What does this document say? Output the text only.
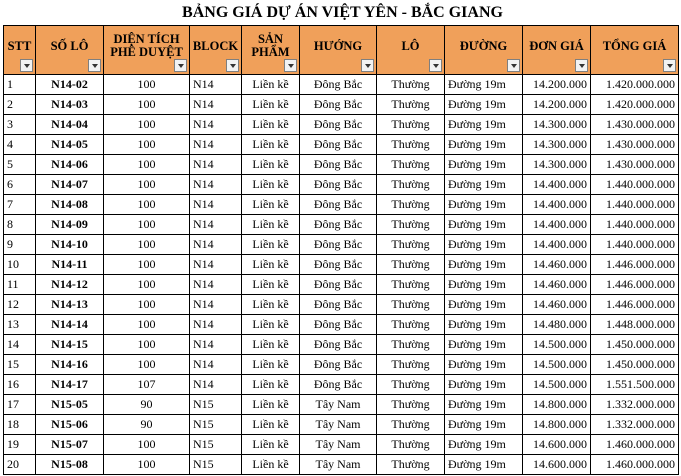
BẢNG GIÁ DỰ ÁN VIỆT YÊN - BẮC GIANG
STT	SỐ LÔ	DIỆN TÍCH PHÊ DUYỆT	BLOCK	SẢN PHẨM	HƯỚNG	LÔ	ĐƯỜNG	ĐƠN GIÁ	TỔNG GIÁ

1	N14-02	100	N14	Liền kề	Đông Bắc	Thường	Đường 19m	14.200.000	1.420.000.000
2	N14-03	100	N14	Liền kề	Đông Bắc	Thường	Đường 19m	14.200.000	1.420.000.000
3	N14-04	100	N14	Liền kề	Đông Bắc	Thường	Đường 19m	14.300.000	1.430.000.000
4	N14-05	100	N14	Liền kề	Đông Bắc	Thường	Đường 19m	14.300.000	1.430.000.000
5	N14-06	100	N14	Liền kề	Đông Bắc	Thường	Đường 19m	14.300.000	1.430.000.000
6	N14-07	100	N14	Liền kề	Đông Bắc	Thường	Đường 19m	14.400.000	1.440.000.000
7	N14-08	100	N14	Liền kề	Đông Bắc	Thường	Đường 19m	14.400.000	1.440.000.000
8	N14-09	100	N14	Liền kề	Đông Bắc	Thường	Đường 19m	14.400.000	1.440.000.000
9	N14-10	100	N14	Liền kề	Đông Bắc	Thường	Đường 19m	14.400.000	1.440.000.000
10	N14-11	100	N14	Liền kề	Đông Bắc	Thường	Đường 19m	14.460.000	1.446.000.000
11	N14-12	100	N14	Liền kề	Đông Bắc	Thường	Đường 19m	14.460.000	1.446.000.000
12	N14-13	100	N14	Liền kề	Đông Bắc	Thường	Đường 19m	14.460.000	1.446.000.000
13	N14-14	100	N14	Liền kề	Đông Bắc	Thường	Đường 19m	14.480.000	1.448.000.000
14	N14-15	100	N14	Liền kề	Đông Bắc	Thường	Đường 19m	14.500.000	1.450.000.000
15	N14-16	100	N14	Liền kề	Đông Bắc	Thường	Đường 19m	14.500.000	1.450.000.000
16	N14-17	107	N14	Liền kề	Đông Bắc	Thường	Đường 19m	14.500.000	1.551.500.000
17	N15-05	90	N15	Liền kề	Tây Nam	Thường	Đường 19m	14.800.000	1.332.000.000
18	N15-06	90	N15	Liền kề	Tây Nam	Thường	Đường 19m	14.800.000	1.332.000.000
19	N15-07	100	N15	Liền kề	Tây Nam	Thường	Đường 19m	14.600.000	1.460.000.000
20	N15-08	100	N15	Liền kề	Tây Nam	Thường	Đường 19m	14.600.000	1.460.000.000
